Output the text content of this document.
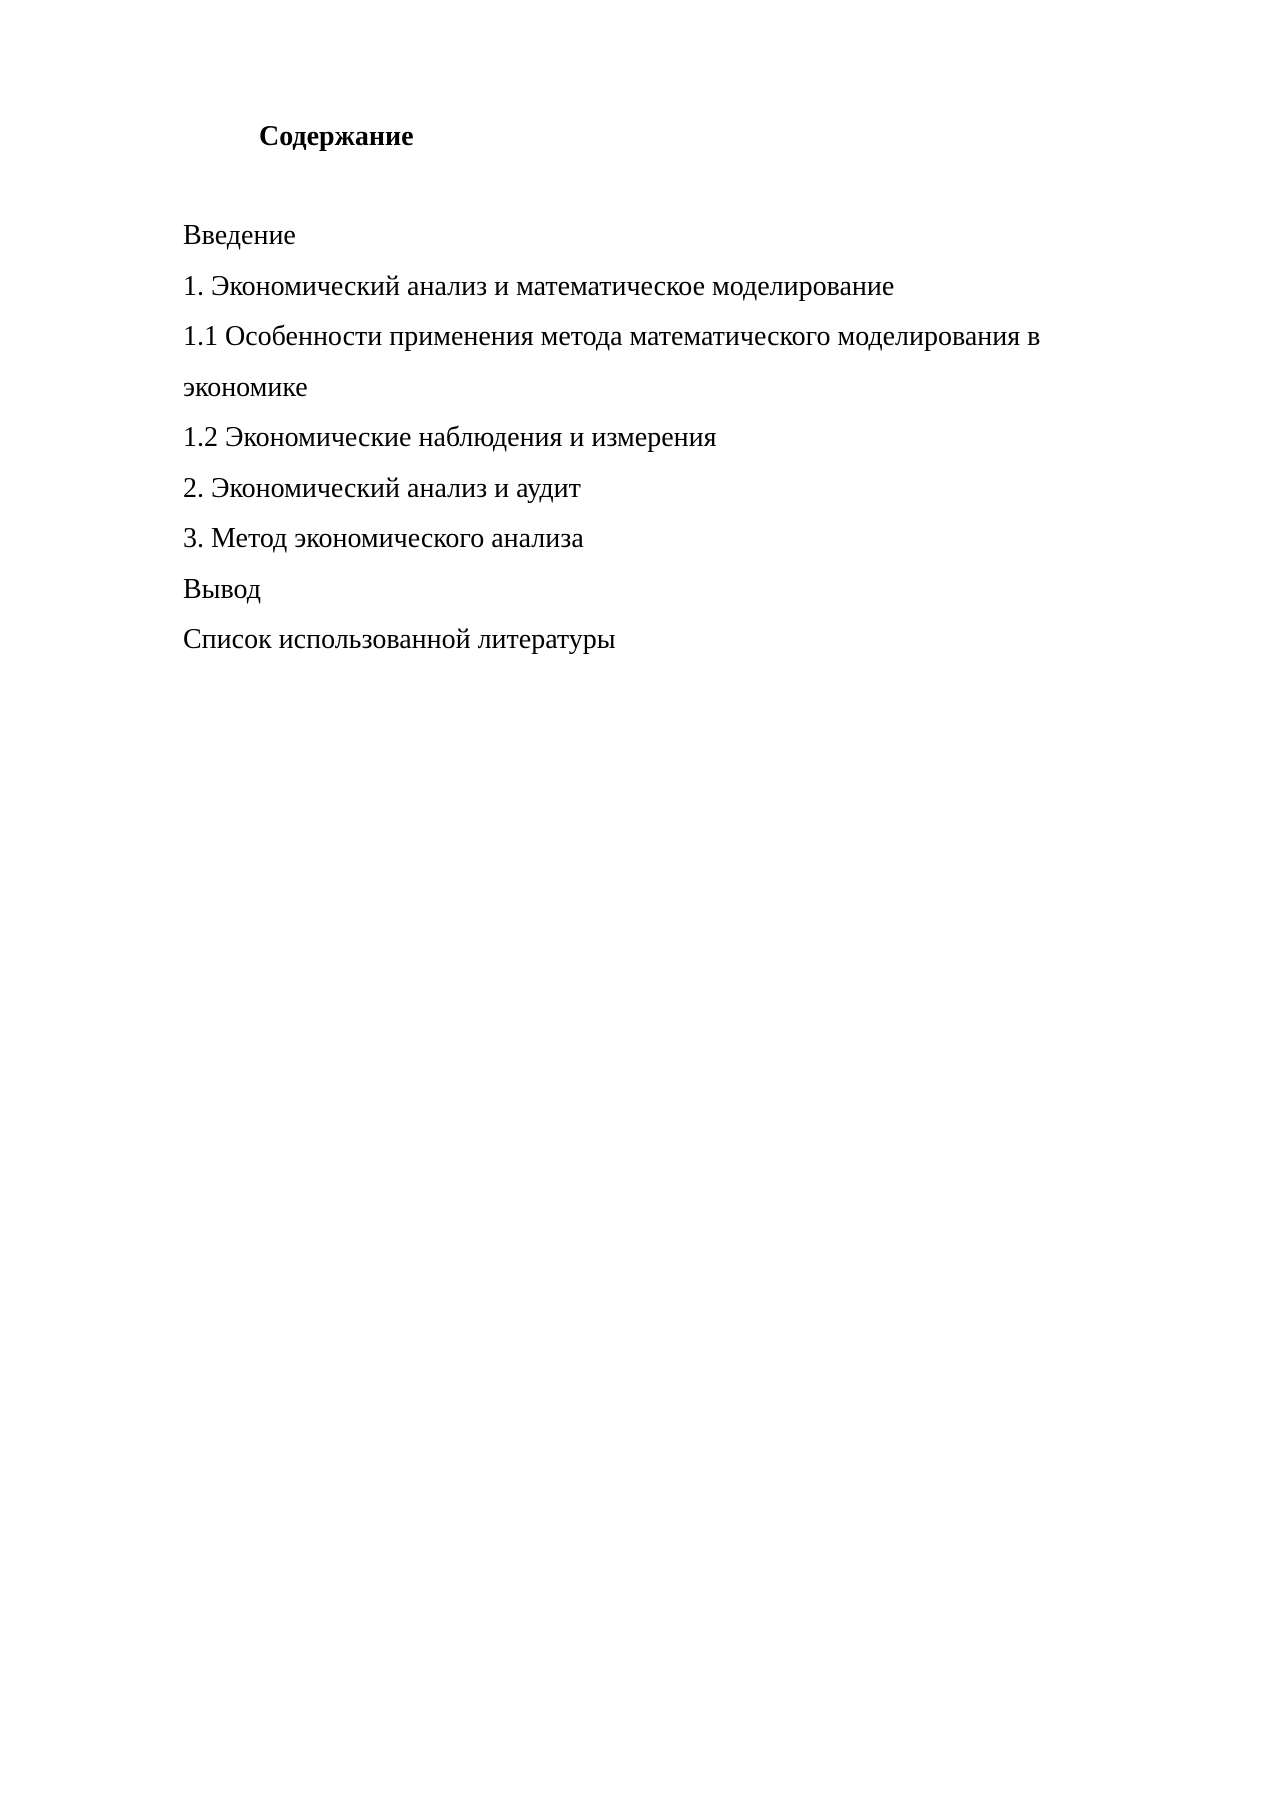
Содержание
Введение
1. Экономический анализ и математическое моделирование
1.1 Особенности применения метода математического моделирования в экономике
1.2 Экономические наблюдения и измерения
2. Экономический анализ и аудит
3. Метод экономического анализа
Вывод
Список использованной литературы
